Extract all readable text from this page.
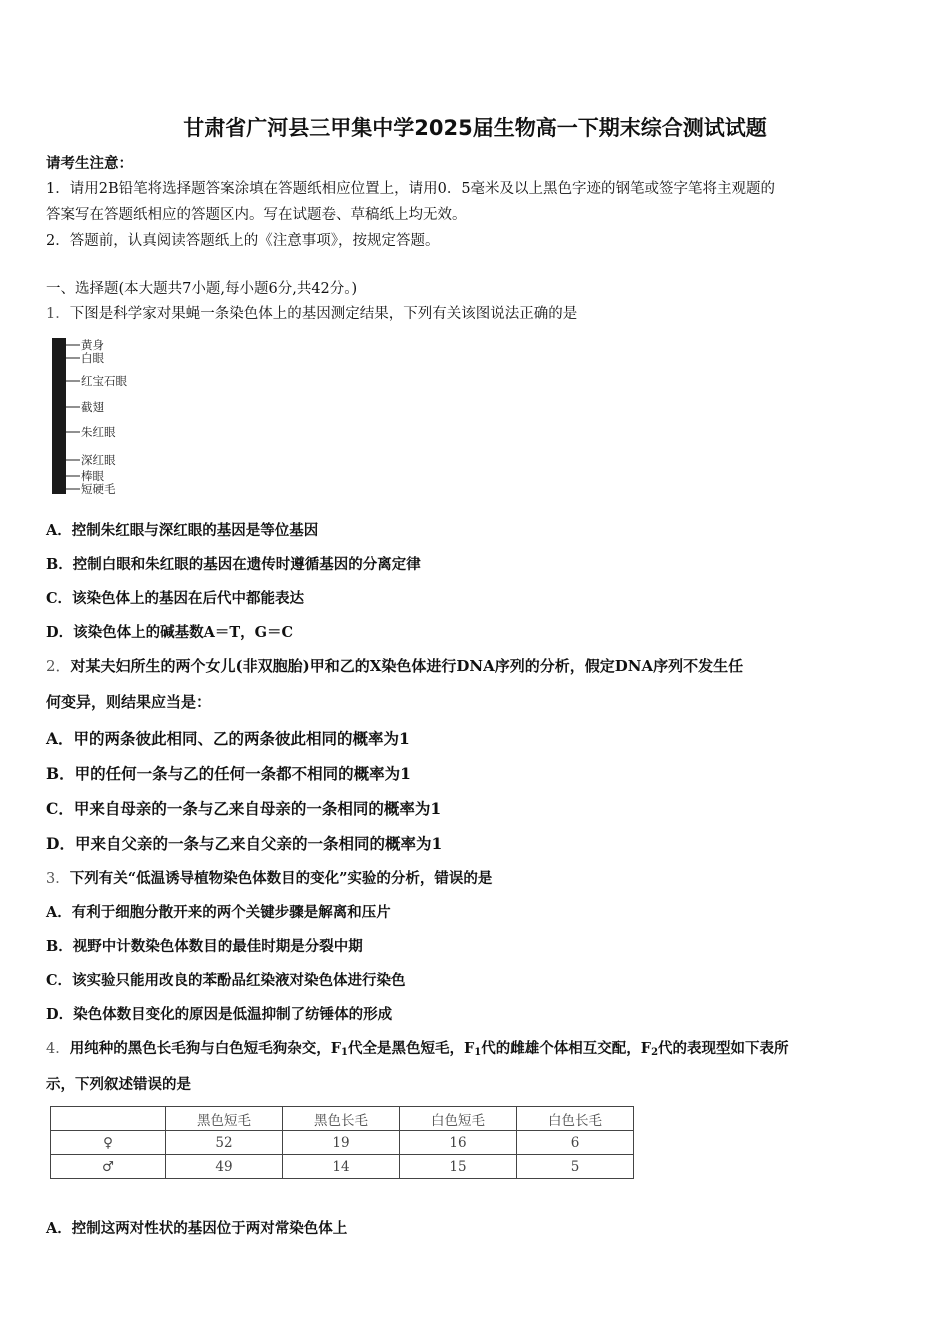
甘肃省广河县三甲集中学2025届生物高一下期末综合测试试题
请考生注意：
1．请用2B铅笔将选择题答案涂填在答题纸相应位置上，请用0．5毫米及以上黑色字迹的钢笔或签字笔将主观题的
答案写在答题纸相应的答题区内。写在试题卷、草稿纸上均无效。
2．答题前，认真阅读答题纸上的《注意事项》，按规定答题。
一、选择题(本大题共7小题,每小题6分,共42分。)
1．下图是科学家对果蝇一条染色体上的基因测定结果，下列有关该图说法正确的是
黄身
白眼
红宝石眼
截翅
朱红眼
深红眼
棒眼
短硬毛
A．控制朱红眼与深红眼的基因是等位基因
B．控制白眼和朱红眼的基因在遗传时遵循基因的分离定律
C．该染色体上的基因在后代中都能表达
D．该染色体上的碱基数A＝T，G＝C
2．对某夫妇所生的两个女儿(非双胞胎)甲和乙的X染色体进行DNA序列的分析，假定DNA序列不发生任
何变异，则结果应当是：
A．甲的两条彼此相同、乙的两条彼此相同的概率为1
B．甲的任何一条与乙的任何一条都不相同的概率为1
C．甲来自母亲的一条与乙来自母亲的一条相同的概率为1
D．甲来自父亲的一条与乙来自父亲的一条相同的概率为1
3．下列有关“低温诱导植物染色体数目的变化”实验的分析，错误的是
A．有利于细胞分散开来的两个关键步骤是解离和压片
B．视野中计数染色体数目的最佳时期是分裂中期
C．该实验只能用改良的苯酚品红染液对染色体进行染色
D．染色体数目变化的原因是低温抑制了纺锤体的形成
4．用纯种的黑色长毛狗与白色短毛狗杂交，$F_1$代全是黑色短毛，$F_1$代的雌雄个体相互交配，$F_2$代的表现型如下表所
示，下列叙述错误的是
	黑色短毛	黑色长毛	白色短毛	白色长毛
♀	52	19	16	6
♂	49	14	15	5
A．控制这两对性状的基因位于两对常染色体上
